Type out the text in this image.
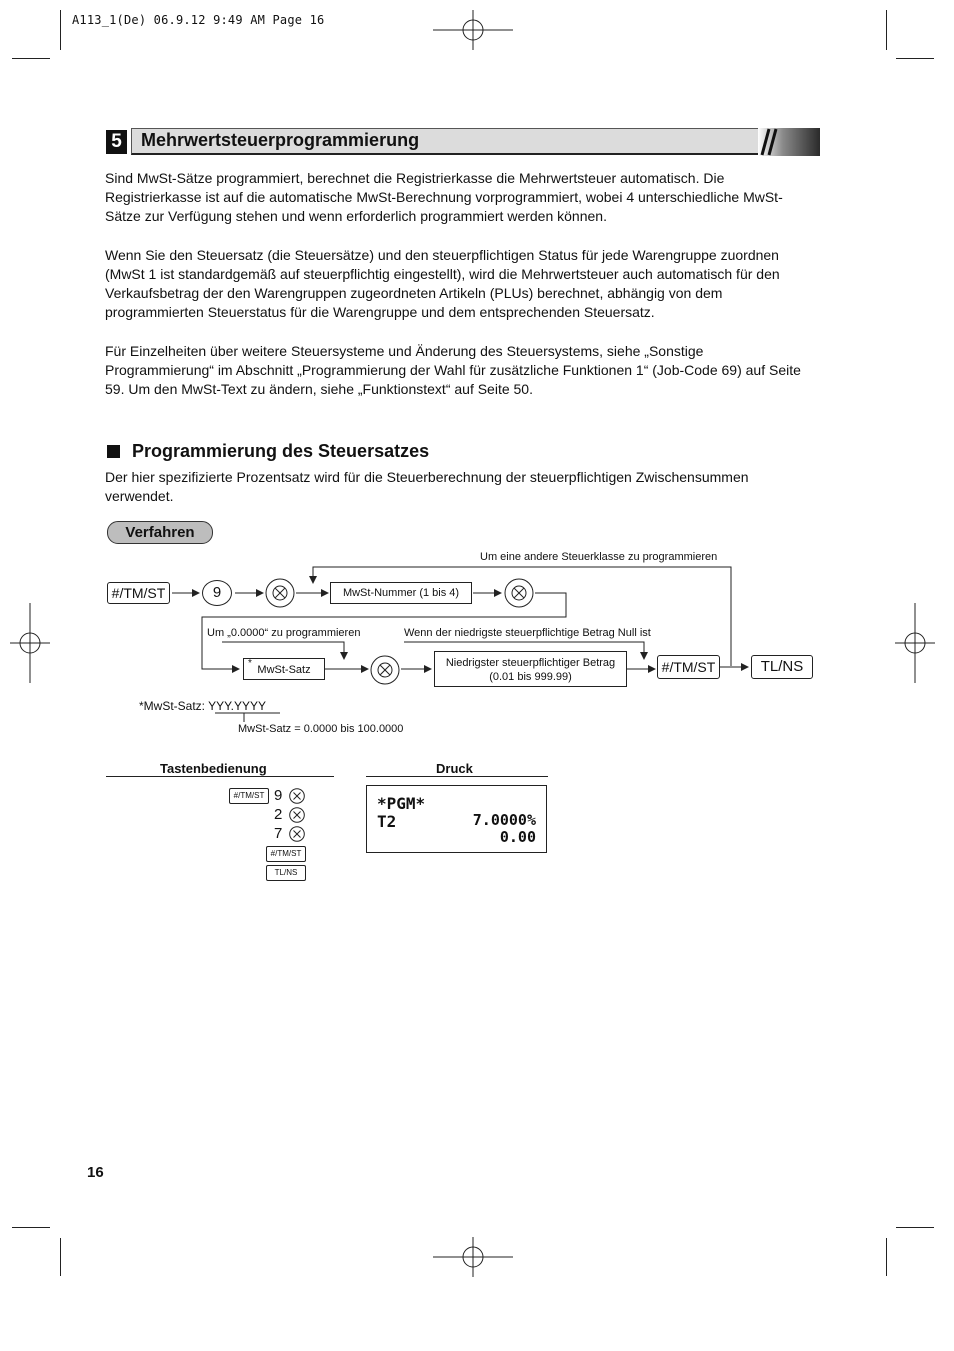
A113_1(De) 06.9.12 9:49 AM Page 16
5 Mehrwertsteuerprogrammierung

Sind MwSt-Sätze programmiert, berechnet die Registrierkasse die Mehrwertsteuer automatisch. Die Registrierkasse ist auf die automatische MwSt-Berechnung vorprogrammiert, wobei 4 unterschiedliche MwSt-Sätze zur Verfügung stehen und wenn erforderlich programmiert werden können.

Wenn Sie den Steuersatz (die Steuersätze) und den steuerpflichtigen Status für jede Warengruppe zuordnen (MwSt 1 ist standardgemäß auf steuerpflichtig eingestellt), wird die Mehrwertsteuer auch automatisch für den Verkaufsbetrag der den Warengruppen zugeordneten Artikeln (PLUs) berechnet, abhängig von dem programmierten Steuerstatus für die Warengruppe und dem entsprechenden Steuersatz.

Für Einzelheiten über weitere Steuersysteme und Änderung des Steuersystems, siehe „Sonstige Programmierung“ im Abschnitt „Programmierung der Wahl für zusätzliche Funktionen 1“ (Job-Code 69) auf Seite 59. Um den MwSt-Text zu ändern, siehe „Funktionstext“ auf Seite 50.

Programmierung des Steuersatzes

Der hier spezifizierte Prozentsatz wird für die Steuerberechnung der steuerpflichtigen Zwischensummen verwendet.

Verfahren
Um eine andere Steuerklasse zu programmieren
#/TM/ST	9	MwSt-Nummer (1 bis 4)
Um „0.0000“ zu programmieren	Wenn der niedrigste steuerpflichtige Betrag Null ist
*
MwSt-Satz
Niedrigster steuerpflichtiger Betrag
(0.01 bis 999.99)
#/TM/ST	TL/NS
*MwSt-Satz: YYY.YYYY
MwSt-Satz = 0.0000 bis 100.0000
Tastenbedienung	Druck
#/TM/ST 9
2
7
#/TM/ST
TL/NS
*PGM*
T2	7.0000%
0.00
16
